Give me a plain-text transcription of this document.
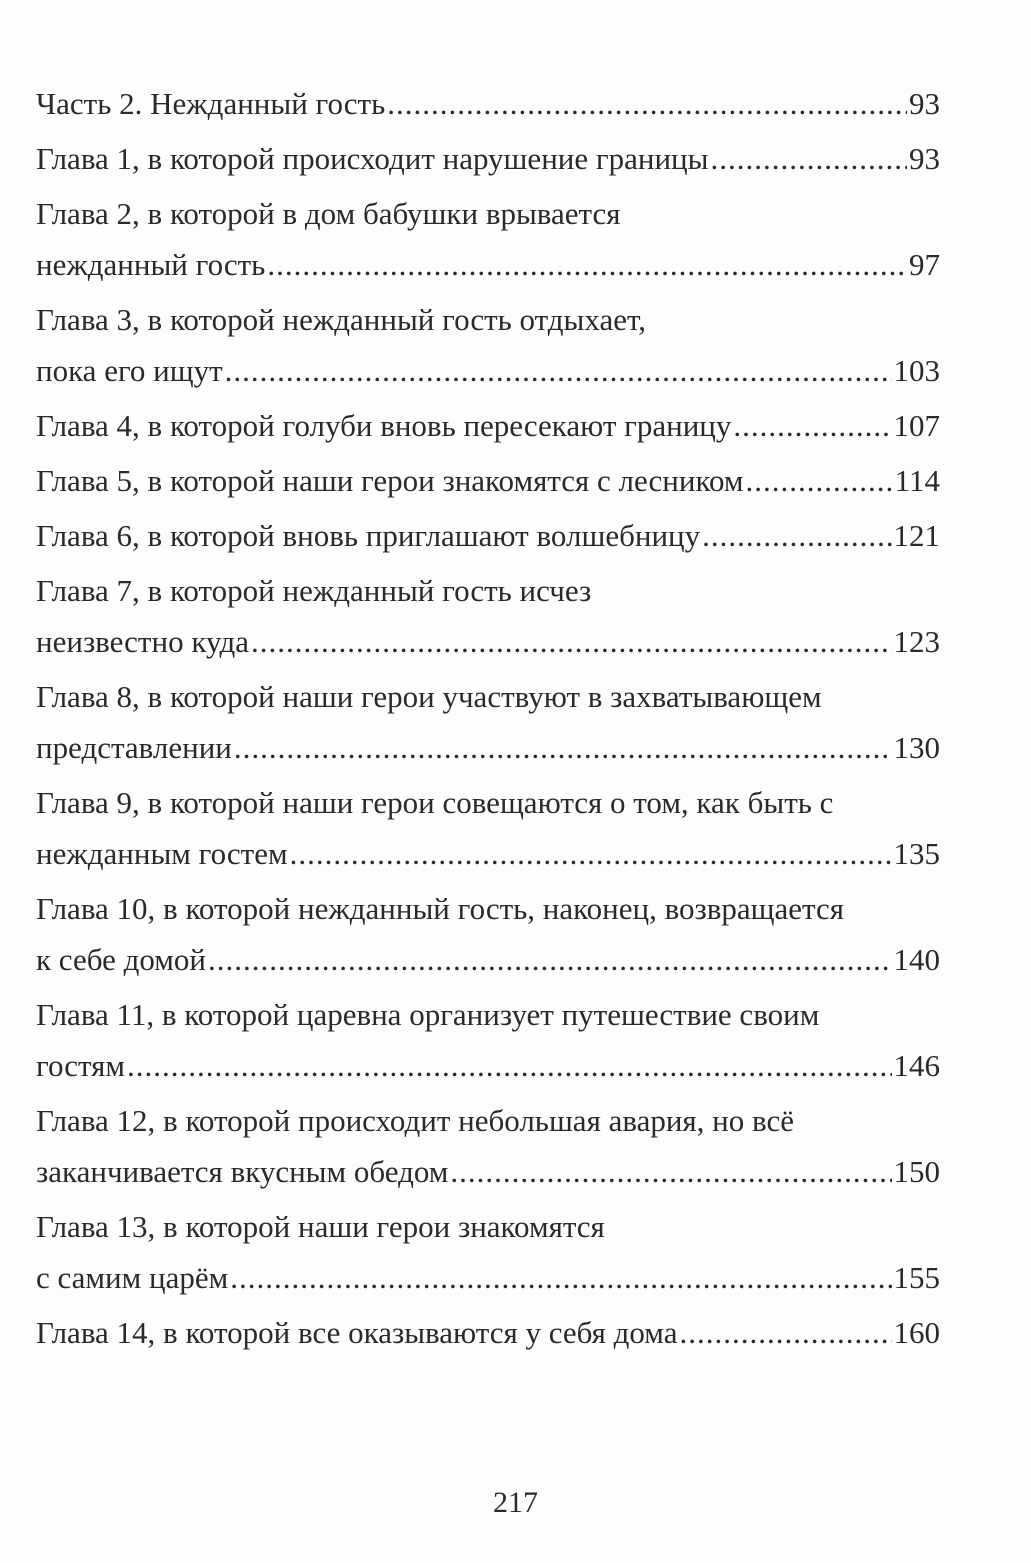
Часть 2. Нежданный гость .....	93
Глава 1, в которой происходит нарушение границы .....	93
Глава 2, в которой в дом бабушки врывается
нежданный гость .....	97
Глава 3, в которой нежданный гость отдыхает,
пока его ищут .....	103
Глава 4, в которой голуби вновь пересекают границу .....	107
Глава 5, в которой наши герои знакомятся с лесником .....	114
Глава 6, в которой вновь приглашают волшебницу .....	121
Глава 7, в которой нежданный гость исчез
неизвестно куда .....	123
Глава 8, в которой наши герои участвуют в захватывающем
представлении .....	130
Глава 9, в которой наши герои совещаются о том, как быть с
нежданным гостем .....	135
Глава 10, в которой нежданный гость, наконец, возвращается
к себе домой .....	140
Глава 11, в которой царевна организует путешествие своим
гостям .....	146
Глава 12, в которой происходит небольшая авария, но всё
заканчивается вкусным обедом .....	150
Глава 13, в которой наши герои знакомятся
с самим царём .....	155
Глава 14, в которой все оказываются у себя дома .....	160
217
